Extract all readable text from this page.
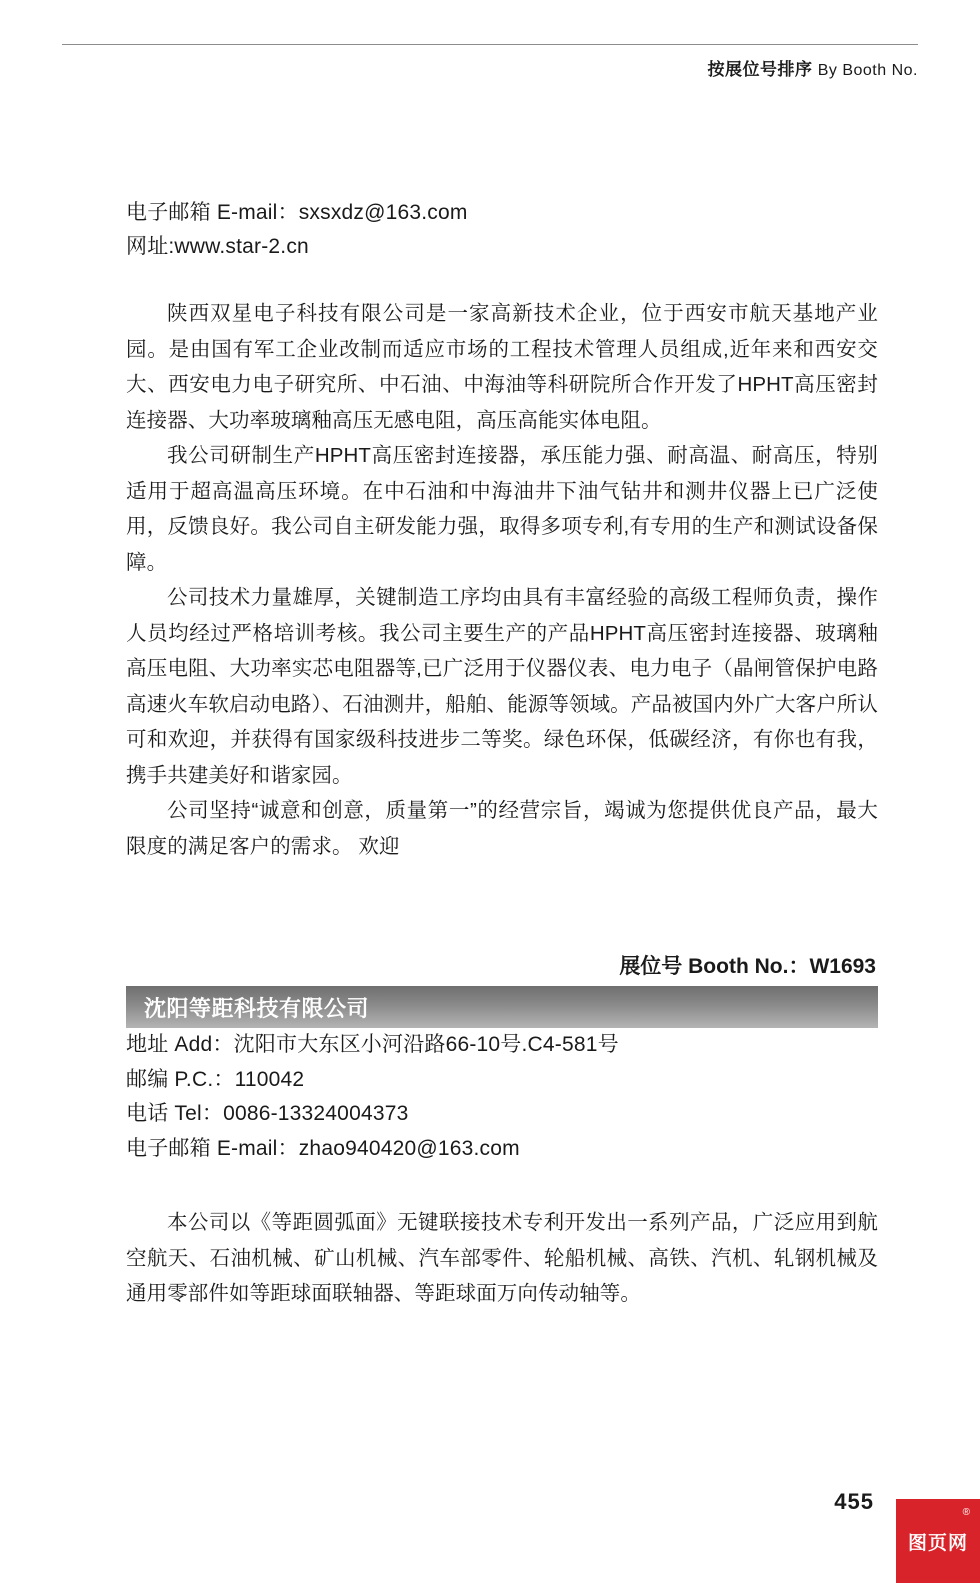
按展位号排序 By Booth No.
电子邮箱 E-mail：sxsxdz@163.com
网址:www.star-2.cn

陕西双星电子科技有限公司是一家高新技术企业，位于西安市航天基地产业园。是由国有军工企业改制而适应市场的工程技术管理人员组成,近年来和西安交大、西安电力电子研究所、中石油、中海油等科研院所合作开发了HPHT高压密封连接器、大功率玻璃釉高压无感电阻，高压高能实体电阻。

我公司研制生产HPHT高压密封连接器，承压能力强、耐高温、耐高压，特别适用于超高温高压环境。在中石油和中海油井下油气钻井和测井仪器上已广泛使用，反馈良好。我公司自主研发能力强，取得多项专利,有专用的生产和测试设备保障。

公司技术力量雄厚，关键制造工序均由具有丰富经验的高级工程师负责，操作人员均经过严格培训考核。我公司主要生产的产品HPHT高压密封连接器、玻璃釉高压电阻、大功率实芯电阻器等,已广泛用于仪器仪表、电力电子（晶闸管保护电路高速火车软启动电路）、石油测井，船舶、能源等领域。产品被国内外广大客户所认可和欢迎，并获得有国家级科技进步二等奖。绿色环保，低碳经济，有你也有我，携手共建美好和谐家园。

公司坚持“诚意和创意，质量第一”的经营宗旨，竭诚为您提供优良产品，最大限度的满足客户的需求。 欢迎

展位号 Booth No.：W1693
沈阳等距科技有限公司
地址 Add：沈阳市大东区小河沿路66-10号.C4-581号
邮编 P.C.：110042
电话 Tel：0086-13324004373
电子邮箱 E-mail：zhao940420@163.com

本公司以《等距圆弧面》无键联接技术专利开发出一系列产品，广泛应用到航空航天、石油机械、矿山机械、汽车部零件、轮船机械、高铁、汽机、轧钢机械及通用零部件如等距球面联轴器、等距球面万向传动轴等。

455	®
图页网
